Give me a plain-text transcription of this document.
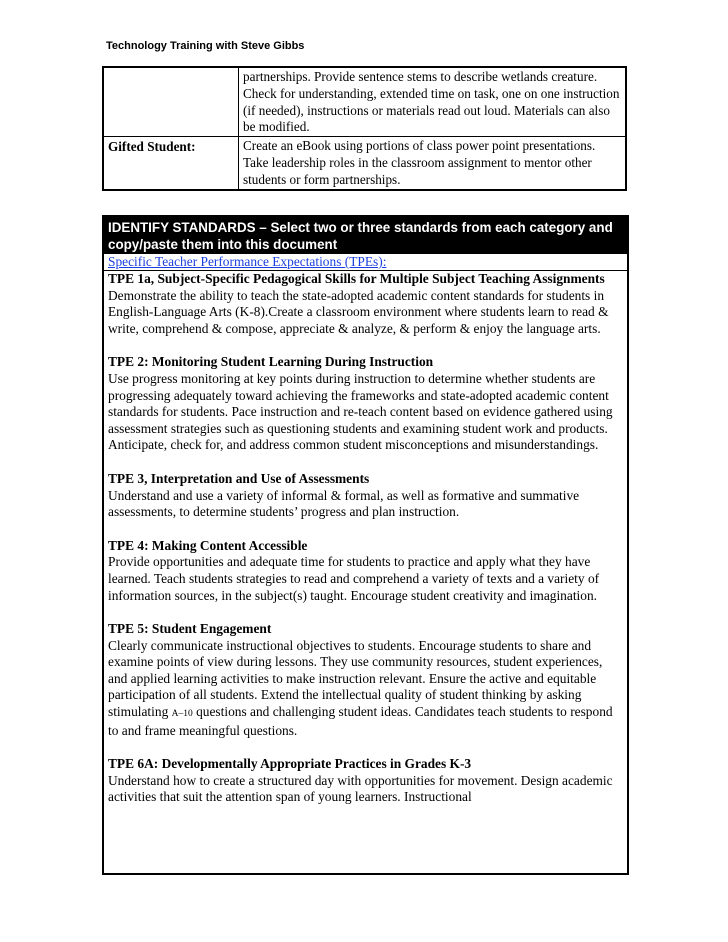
Technology Training with Steve Gibbs
partnerships. Provide sentence stems to describe wetlands creature. Check for understanding, extended time on task, one on one instruction (if needed), instructions or materials read out loud. Materials can also be modified.
Gifted Student:	Create an eBook using portions of class power point presentations. Take leadership roles in the classroom assignment to mentor other students or form partnerships.
IDENTIFY STANDARDS – Select two or three standards from each category and copy/paste them into this document
Specific Teacher Performance Expectations (TPEs):
TPE 1a, Subject-Specific Pedagogical Skills for Multiple Subject Teaching Assignments
Demonstrate the ability to teach the state-adopted academic content standards for students in English-Language Arts (K-8).Create a classroom environment where students learn to read & write, comprehend & compose, appreciate & analyze, & perform & enjoy the language arts.
TPE 2: Monitoring Student Learning During Instruction
Use progress monitoring at key points during instruction to determine whether students are progressing adequately toward achieving the frameworks and state-adopted academic content standards for students. Pace instruction and re-teach content based on evidence gathered using assessment strategies such as questioning students and examining student work and products. Anticipate, check for, and address common student misconceptions and misunderstandings.
TPE 3, Interpretation and Use of Assessments
Understand and use a variety of informal & formal, as well as formative and summative assessments, to determine students’ progress and plan instruction.
TPE 4: Making Content Accessible
Provide opportunities and adequate time for students to practice and apply what they have learned. Teach students strategies to read and comprehend a variety of texts and a variety of information sources, in the subject(s) taught. Encourage student creativity and imagination.
TPE 5: Student Engagement
Clearly communicate instructional objectives to students. Encourage students to share and examine points of view during lessons. They use community resources, student experiences, and applied learning activities to make instruction relevant. Ensure the active and equitable participation of all students. Extend the intellectual quality of student thinking by asking stimulating A–10 questions and challenging student ideas. Candidates teach students to respond to and frame meaningful questions.
TPE 6A: Developmentally Appropriate Practices in Grades K-3
Understand how to create a structured day with opportunities for movement. Design academic activities that suit the attention span of young learners. Instructional
